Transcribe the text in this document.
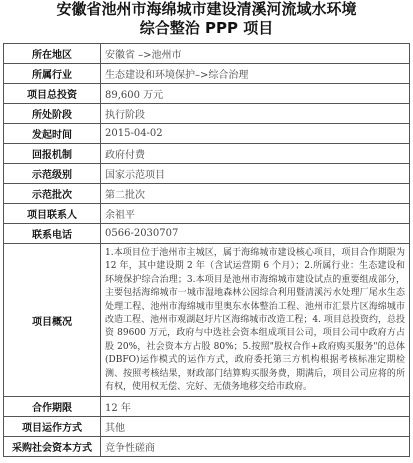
安徽省池州市海绵城市建设清溪河流域水环境
综合整治 PPP 项目
所在地区	安徽省 –>池州市
所属行业	生态建设和环境保护–>综合治理
项目总投资	89,600 万元
所处阶段	执行阶段
发起时间	2015-04-02
回报机制	政府付费
示范级别	国家示范项目
示范批次	第二批次
项目联系人	余祖平
联系电话	0566-2030707
项目概况	1.本项目位于池州市主城区，属于海绵城市建设核心项目，项目合作期限为 12 年，其中建设期 2 年（含试运营期 6 个月）；2.所属行业：生态建设和环境保护综合治理；3.本项目是池州市海绵城市建设试点的重要组成部分，主要包括海绵城市一城市湿地森林公园综合利用暨清溪污水处理厂尾水生态处理工程、池州市海绵城市里奥东水体整治工程、池州市汇景片区海绵城市改造工程、池州市观湖赵圩片区海绵城市改造工程；4. 项目总投资约，总投资 89600 万元，政府与中选社会资本组成项目公司，项目公司中政府方占股 20%，社会资本方占股 80%；5.按照"股权合作+政府购买服务"的总体(DBFO)运作模式的运作方式，政府委托第三方机构根据考核标准定期检测、按照考核结果，财政部门结算购买服务费，期满后，项目公司应将的所有权，使用权无偿、完好、无债务地移交给市政府。
合作期限	12 年
项目运作方式	其他
采购社会资本方式	竞争性磋商
